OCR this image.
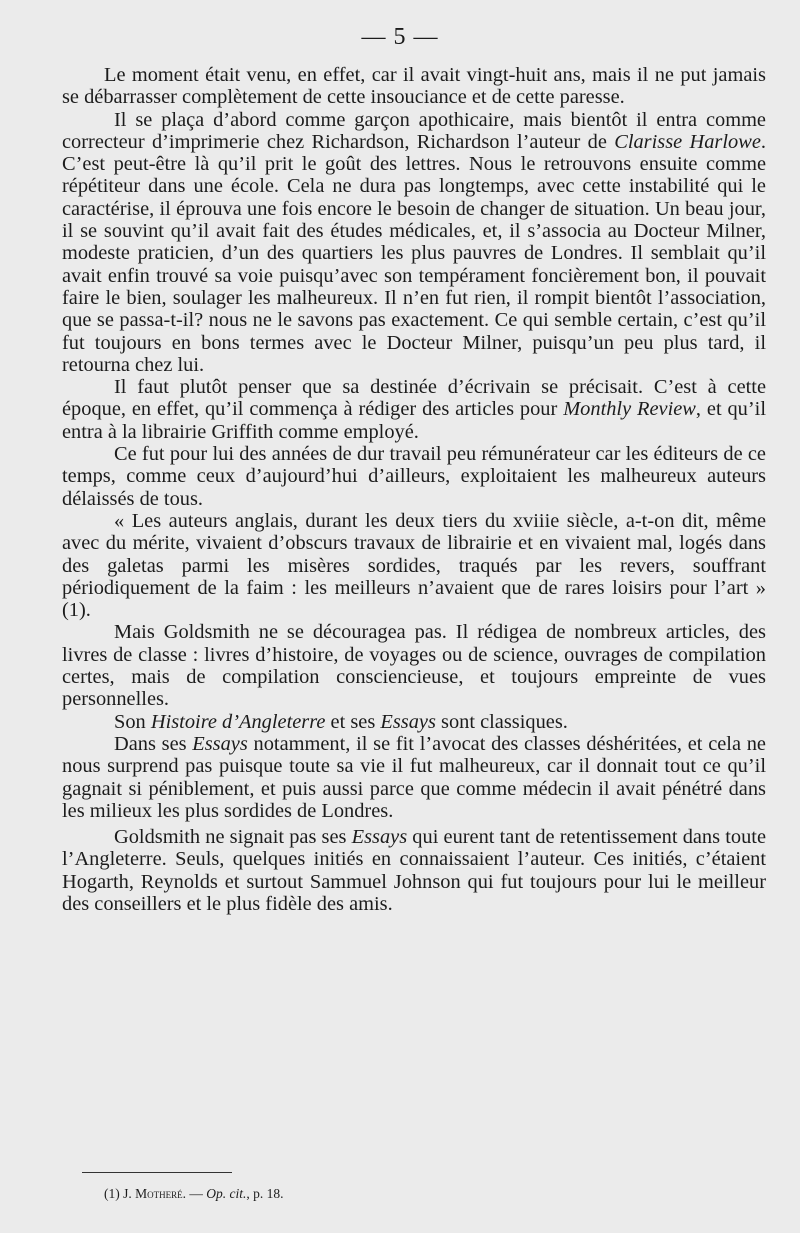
— 5 —

Le moment était venu, en effet, car il avait vingt-huit ans, mais il ne put jamais se débarrasser complètement de cette insouciance et de cette paresse.

Il se plaça d’abord comme garçon apothicaire, mais bientôt il entra comme correcteur d’imprimerie chez Richardson, Richardson l’auteur de Clarisse Harlowe. C’est peut-être là qu’il prit le goût des lettres. Nous le retrouvons ensuite comme répétiteur dans une école. Cela ne dura pas longtemps, avec cette instabilité qui le caractérise, il éprouva une fois encore le besoin de changer de situation. Un beau jour, il se souvint qu’il avait fait des études médicales, et, il s’associa au Docteur Milner, modeste praticien, d’un des quartiers les plus pauvres de Londres. Il semblait qu’il avait enfin trouvé sa voie puisqu’avec son tempérament foncièrement bon, il pouvait faire le bien, soulager les malheureux. Il n’en fut rien, il rompit bientôt l’association, que se passa-t-il? nous ne le savons pas exactement. Ce qui semble certain, c’est qu’il fut toujours en bons termes avec le Docteur Milner, puisqu’un peu plus tard, il retourna chez lui.

Il faut plutôt penser que sa destinée d’écrivain se précisait. C’est à cette époque, en effet, qu’il commença à rédiger des articles pour Monthly Review, et qu’il entra à la librairie Griffith comme employé.

Ce fut pour lui des années de dur travail peu rémunérateur car les éditeurs de ce temps, comme ceux d’aujourd’hui d’ailleurs, exploitaient les malheureux auteurs délaissés de tous.

« Les auteurs anglais, durant les deux tiers du xviiie siècle, a-t-on dit, même avec du mérite, vivaient d’obscurs travaux de librairie et en vivaient mal, logés dans des galetas parmi les misères sordides, traqués par les revers, souffrant périodiquement de la faim : les meilleurs n’avaient que de rares loisirs pour l’art » (1).

Mais Goldsmith ne se découragea pas. Il rédigea de nombreux articles, des livres de classe : livres d’histoire, de voyages ou de science, ouvrages de compilation certes, mais de compilation consciencieuse, et toujours empreinte de vues personnelles.

Son Histoire d’Angleterre et ses Essays sont classiques.

Dans ses Essays notamment, il se fit l’avocat des classes déshéritées, et cela ne nous surprend pas puisque toute sa vie il fut malheureux, car il donnait tout ce qu’il gagnait si péniblement, et puis aussi parce que comme médecin il avait pénétré dans les milieux les plus sordides de Londres.

Goldsmith ne signait pas ses Essays qui eurent tant de retentissement dans toute l’Angleterre. Seuls, quelques initiés en connaissaient l’auteur. Ces initiés, c’étaient Hogarth, Reynolds et surtout Sammuel Johnson qui fut toujours pour lui le meilleur des conseillers et le plus fidèle des amis.

(1) J. Motheré. — Op. cit., p. 18.
